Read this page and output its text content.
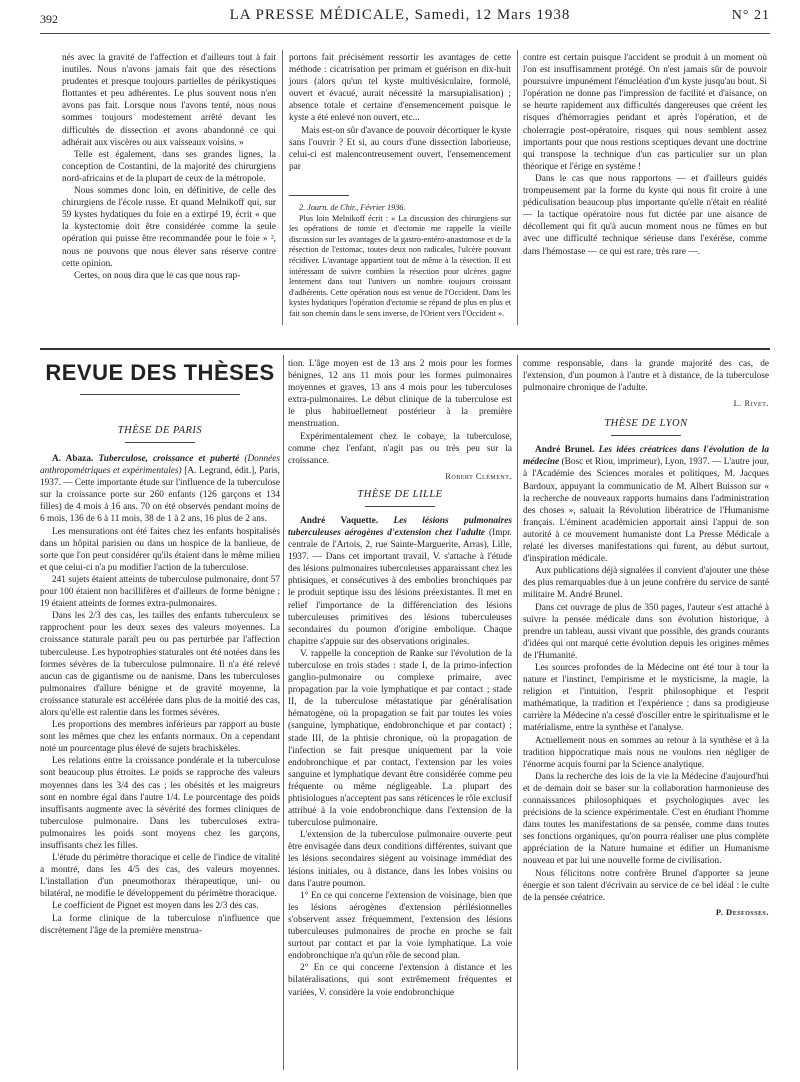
392	LA PRESSE MÉDICALE, Samedi, 12 Mars 1938	N° 21

nés avec la gravité de l'affection et d'ailleurs tout à fait inutiles. Nous n'avons jamais fait que des résections prudentes et presque toujours partielles de périkystiques flottantes et peu adhérentes. Le plus souvent nous n'en avons pas fait. Lorsque nous l'avons tenté, nous nous sommes toujours modestement arrêté devant les difficultés de dissection et avons abandonné ce qui adhérait aux viscères ou aux vaisseaux voisins. »

Telle est également, dans ses grandes lignes, la conception de Costantini, de la majorité des chirurgiens nord-africains et de la plupart de ceux de la métropole.

Nous sommes donc loin, en définitive, de celle des chirurgiens de l'école russe. Et quand Melnikoff qui, sur 59 kystes hydatiques du foie en a extirpé 19, écrit « que la kystectomie doit être considérée comme la seule opération qui puisse être recommandée pour le foie » ², nous ne pouvons que nous élever sans réserve contre cette opinion.

Certes, on nous dira que le cas que nous rap-

portons fait précisément ressortir les avantages de cette méthode : cicatrisation per primam et guérison en dix-huit jours (alors qu'un tel kyste multivésiculaire, formolé, ouvert et évacué, aurait nécessité la marsupialisation) ; absence totale et certaine d'ensemencement puisque le kyste a été enlevé non ouvert, etc...

Mais est-on sûr d'avance de pouvoir décortiquer le kyste sans l'ouvrir ? Et si, au cours d'une dissection laborieuse, celui-ci est malencontreusement ouvert, l'ensemencement par

2. Journ. de Chir., Février 1936.

Plus loin Melnikoff écrit : « La discussion des chirurgiens sur les opérations de tomie et d'ectomie me rappelle la vieille discussion sur les avantages de la gastro-entéro-anastomose et de la résection de l'estomac, toutes deux non radicales, l'ulcère pouvant récidiver. L'avantage appartient tout de même à la résection. Il est intéressant de suivre combien la résection pour ulcères gagne lentement dans tout l'univers un nombre toujours croissant d'adhérents. Cette opération nous est venue de l'Occident. Dans les kystes hydatiques l'opération d'ectomie se répand de plus en plus et fait son chemin dans le sens inverse, de l'Orient vers l'Occident ».

contre est certain puisque l'accident se produit à un moment où l'on est insuffisamment protégé. On n'est jamais sûr de pouvoir poursuivre impunément l'énucléation d'un kyste jusqu'au bout. Si l'opération ne donne pas l'impression de facilité et d'aisance, on se heurte rapidement aux difficultés dangereuses que créent les risques d'hémorragies pendant et après l'opération, et de cholerragie post-opératoire, risques qui nous semblent assez importants pour que nous restions sceptiques devant une doctrine qui transpose la technique d'un cas particulier sur un plan théorique et l'érige en système !

Dans le cas que nous rapportons — et d'ailleurs guidés trompeusement par la forme du kyste qui nous fit croire à une pédiculisation beaucoup plus importante qu'elle n'était en réalité — la tactique opératoire nous fut dictée par une aisance de décollement qui fit qu'à aucun moment nous ne fûmes en but avec une difficulté technique sérieuse dans l'exérèse, comme dans l'hémostase — ce qui est rare, très rare —.

REVUE DES THÈSES
THÈSE DE PARIS

A. Abaza. Tuberculose, croissance et puberté (Données anthropométriques et expérimentales) [A. Legrand, édit.], Paris, 1937. — Cette importante étude sur l'influence de la tuberculose sur la croissance porte sur 260 enfants (126 garçons et 134 filles) de 4 mois à 16 ans. 70 on été observés pendant moins de 6 mois, 136 de 6 à 11 mois, 38 de 1 à 2 ans, 16 plus de 2 ans.

Les mensurations ont été faites chez les enfants hospitalisés dans un hôpital parisien ou dans un hospice de la banlieue, de sorte que l'on peut considérer qu'ils étaient dans le même milieu et que celui-ci n'a pu modifier l'action de la tuberculose.

241 sujets étaient atteints de tuberculose pulmonaire, dont 57 pour 100 étaient non bacillifères et d'ailleurs de forme bénigne ; 19 étaient atteints de formes extra-pulmonaires.

Dans les 2/3 des cas, les tailles des enfants tuberculeux se rapprochent pour les deux sexes des valeurs moyennes. La croissance staturale paraît peu ou pas perturbée par l'affection tuberculeuse. Les hypotrophies staturales ont été notées dans les formes sévères de la tuberculose pulmonaire. Il n'a été relevé aucun cas de gigantisme ou de nanisme. Dans les tuberculoses pulmonaires d'allure bénigne et de gravité moyenne, la croissance staturale est accélérée dans plus de la moitié des cas, alors qu'elle est ralentie dans les formes sévères.

Les proportions des membres inférieurs par rapport au buste sont les mêmes que chez les enfants normaux. On a cependant noté un pourcentage plus élevé de sujets brachiskèles.

Les relations entre la croissance pondérale et la tuberculose sont beaucoup plus étroites. Le poids se rapproche des valeurs moyennes dans les 3/4 des cas ; les obésités et les maigreurs sont en nombre égal dans l'autre 1/4. Le pourcentage des poids insuffisants augmente avec la sévérité des formes cliniques de tuberculose pulmonaire. Dans les tuberculoses extra-pulmonaires les poids sont moyens chez les garçons, insuffisants chez les filles.

L'étude du périmètre thoracique et celle de l'indice de vitalité a montré, dans les 4/5 des cas, des valeurs moyennes. L'installation d'un pneumothorax thérapeutique, uni- ou bilatéral, ne modifie le développement du périmètre thoracique.

Le coefficient de Pignet est moyen dans les 2/3 des cas.

La forme clinique de la tuberculose n'influence que discrètement l'âge de la première menstrua-

tion. L'âge moyen est de 13 ans 2 mois pour les formes bénignes, 12 ans 11 mois pour les formes pulmonaires moyennes et graves, 13 ans 4 mois pour les tuberculoses extra-pulmonaires. Le début clinique de la tuberculose est le plus habituellement postérieur à la première menstruation.

Expérimentalement chez le cobaye, la tuberculose, comme chez l'enfant, n'agit pas ou très peu sur la croissance.

Robert Clément.
THÈSE DE LILLE

André Vaquette. Les lésions pulmonaires tuberculeuses aérogènes d'extension chez l'adulte (Impr. centrale de l'Artois, 2, rue Sainte-Marguerite, Arras), Lille, 1937. — Dans cet important travail, V. s'attache à l'étude des lésions pulmonaires tuberculeuses apparaissant chez les phtisiques, et consécutives à des embolies bronchiques par le produit septique issu des lésions préexistantes. Il met en relief l'importance de la différenciation des lésions tuberculeuses primitives des lésions tuberculeuses secondaires du poumon d'origine embolique. Chaque chapitre s'appuie sur des observations originales.

V. rappelle la conception de Ranke sur l'évolution de la tuberculose en trois stades : stade I, de la primo-infection ganglio-pulmonaire ou complexe primaire, avec propagation par la voie lymphatique et par contact ; stade II, de la tuberculose métastatique par généralisation hématogène, où la propagation se fait par toutes les voies (sanguine, lymphatique, endobronchique et par contact) ; stade III, de la phtisie chronique, où la propagation de l'infection se fait presque uniquement par la voie endobronchique et par contact, l'extension par les voies sanguine et lymphatique devant être considérée comme peu fréquente ou même négligeable. La plupart des phtisiologues n'acceptent pas sans réticences le rôle exclusif attribué à la voie endobronchique dans l'extension de la tuberculose pulmonaire.

L'extension de la tuberculose pulmonaire ouverte peut être envisagée dans deux conditions différentes, suivant que les lésions secondaires siègent au voisinage immédiat des lésions initiales, ou à distance, dans les lobes voisins ou dans l'autre poumon.

1° En ce qui concerne l'extension de voisinage, bien que les lésions aérogènes d'extension périlésionnelles s'observent assez fréquemment, l'extension des lésions tuberculeuses pulmonaires de proche en proche se fait surtout par contact et par la voie lymphatique. La voie endobronchique n'a qu'un rôle de second plan.

2° En ce qui concerne l'extension à distance et les bilatéralisations, qui sont extrêmement fréquentes et variées, V. considère la voie endobronchique

comme responsable, dans la grande majorité des cas, de l'extension, d'un poumon à l'autre et à distance, de la tuberculose pulmonaire chronique de l'adulte.

L. Rivet.
THÈSE DE LYON

André Brunel. Les idées créatrices dans l'évolution de la médecine (Bosc et Riou, imprimeur), Lyon, 1937. — L'autre jour, à l'Académie des Sciences morales et politiques, M. Jacques Bardoux, appuyant la communicatio de M. Albert Buisson sur « la recherche de nouveaux rapports humains dans l'administration des choses », saluait la Révolution libératrice de l'Humanisme français. L'éminent académicien apportait ainsi l'appui de son autorité à ce mouvement humaniste dont La Presse Médicale a relaté les diverses manifestations qui furent, au début surtout, d'inspiration médicale.

Aux publications déjà signalées il convient d'ajouter une thèse des plus remarquables due à un jeune confrère du service de santé militaire M. André Brunel.

Dans cet ouvrage de plus de 350 pages, l'auteur s'est attaché à suivre la pensée médicale dans son évolution historique, à prendre un tableau, aussi vivant que possible, des grands courants d'idées qui ont marqué cette évolution depuis les origines mêmes de l'Humanité.

Les sources profondes de la Médecine ont été tour à tour la nature et l'instinct, l'empirisme et le mysticisme, la magie, la religion et l'intuition, l'esprit philosophique et l'esprit mathématique, la tradition et l'expérience ; dans sa prodigieuse carrière la Médecine n'a cessé d'osciller entre le spiritualisme et le matérialisme, entre la synthèse et l'analyse.

Actuellement nous en sommes au retour à la synthèse et à la tradition hippocratique mais nous ne voulons rien négliger de l'énorme acquis fourni par la Science analytique.

Dans la recherche des lois de la vie la Médecine d'aujourd'hui et de demain doit se baser sur la collaboration harmonieuse des connaissances philosophiques et psychologiques avec les précisions de la science expérimentale. C'est en étudiant l'homme dans toutes les manifestations de sa pensée, comme dans toutes ses fonctions organiques, qu'on pourra réaliser une plus complète appréciation de la Nature humaine et édifier un Humanisme nouveau et par lui une nouvelle forme de civilisation.

Nous félicitons notre confrère Brunel d'apporter sa jeune énergie et son talent d'écrivain au service de ce bel idéal : le culte de la pensée créatrice.

P. Desfosses.
